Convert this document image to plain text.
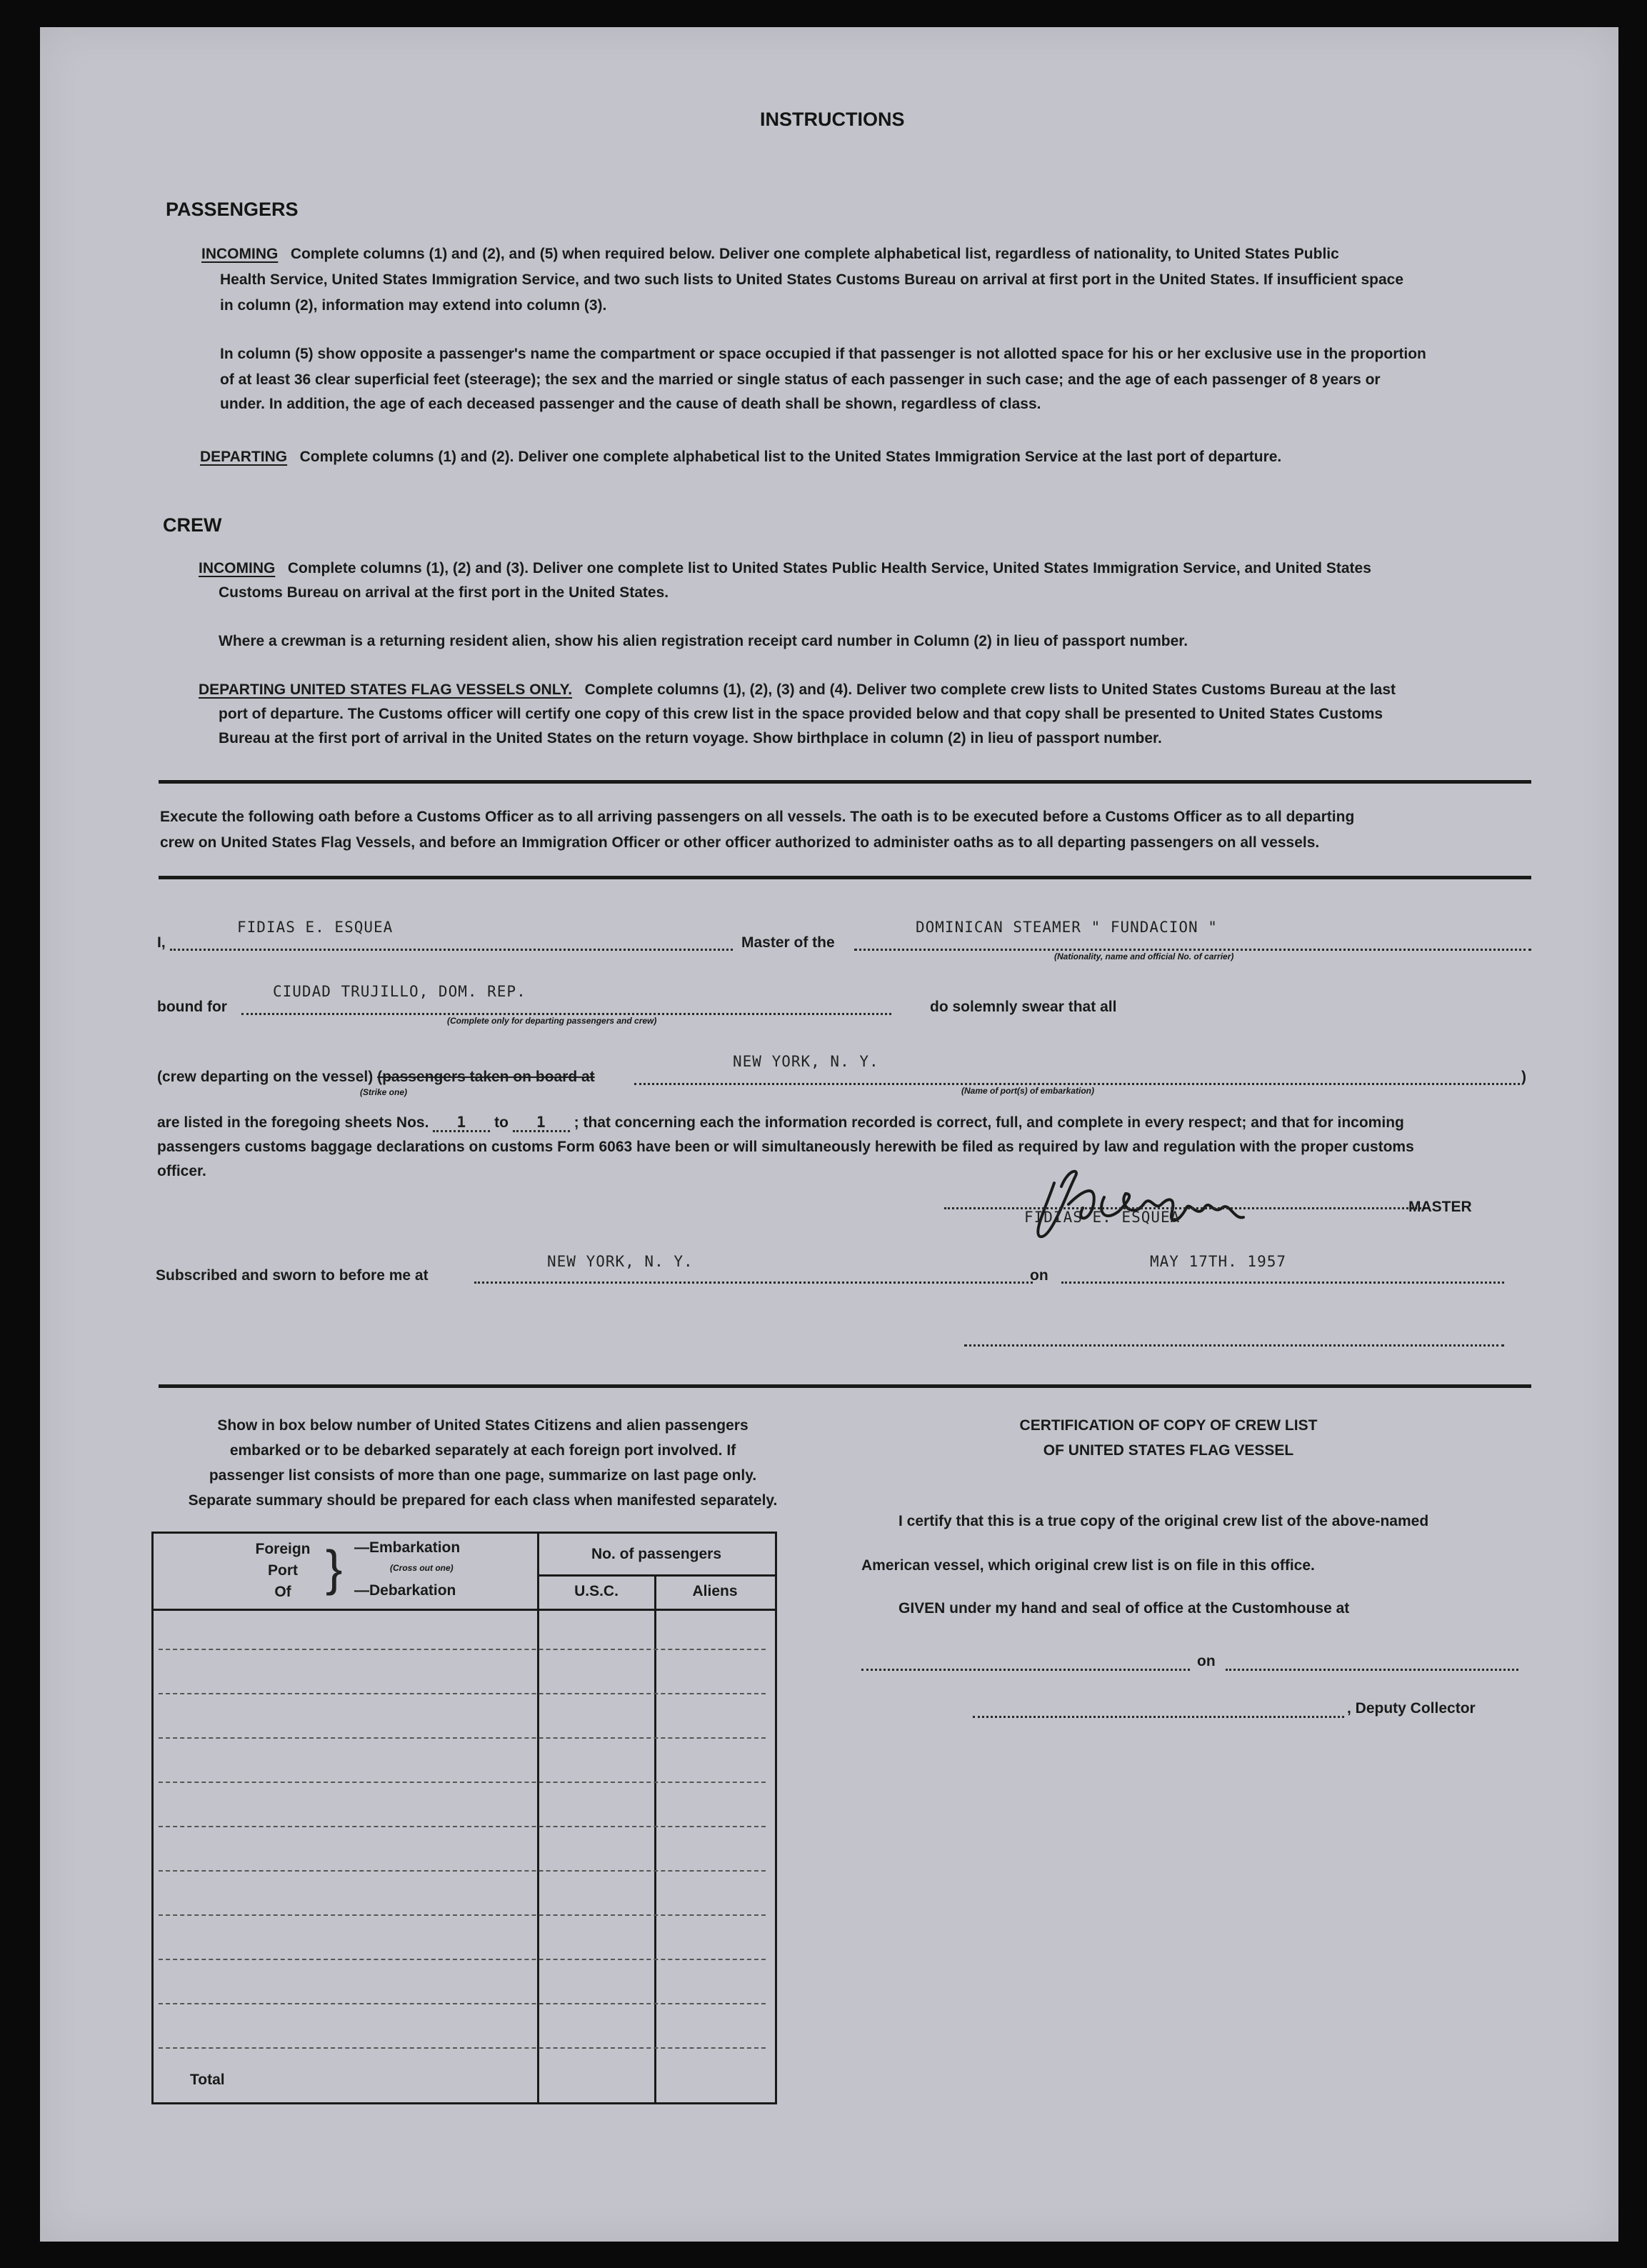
INSTRUCTIONS
PASSENGERS
INCOMING Complete columns (1) and (2), and (5) when required below. Deliver one complete alphabetical list, regardless of nationality, to United States Public
Health Service, United States Immigration Service, and two such lists to United States Customs Bureau on arrival at first port in the United States. If insufficient space
in column (2), information may extend into column (3).
In column (5) show opposite a passenger's name the compartment or space occupied if that passenger is not allotted space for his or her exclusive use in the proportion
of at least 36 clear superficial feet (steerage); the sex and the married or single status of each passenger in such case; and the age of each passenger of 8 years or
under. In addition, the age of each deceased passenger and the cause of death shall be shown, regardless of class.
DEPARTING Complete columns (1) and (2). Deliver one complete alphabetical list to the United States Immigration Service at the last port of departure.
CREW
INCOMING Complete columns (1), (2) and (3). Deliver one complete list to United States Public Health Service, United States Immigration Service, and United States
Customs Bureau on arrival at the first port in the United States.
Where a crewman is a returning resident alien, show his alien registration receipt card number in Column (2) in lieu of passport number.
DEPARTING UNITED STATES FLAG VESSELS ONLY. Complete columns (1), (2), (3) and (4). Deliver two complete crew lists to United States Customs Bureau at the last
port of departure. The Customs officer will certify one copy of this crew list in the space provided below and that copy shall be presented to United States Customs
Bureau at the first port of arrival in the United States on the return voyage. Show birthplace in column (2) in lieu of passport number.
Execute the following oath before a Customs Officer as to all arriving passengers on all vessels. The oath is to be executed before a Customs Officer as to all departing
crew on United States Flag Vessels, and before an Immigration Officer or other officer authorized to administer oaths as to all departing passengers on all vessels.
I,
FIDIAS E. ESQUEA
Master of the
DOMINICAN STEAMER " FUNDACION "
(Nationality, name and official No. of carrier)
bound for
CIUDAD TRUJILLO, DOM. REP.
(Complete only for departing passengers and crew)
do solemnly swear that all
(crew departing on the vessel) (passengers taken on board at
(Strike one)
NEW YORK, N. Y.
(Name of port(s) of embarkation)
)
are listed in the foregoing sheets Nos. 1 to 1 ; that concerning each the information recorded is correct, full, and complete in every respect; and that for incoming
passengers customs baggage declarations on customs Form 6063 have been or will simultaneously herewith be filed as required by law and regulation with the proper customs
officer.
FIDIAS E. ESQUEA
MASTER
Subscribed and sworn to before me at
NEW YORK, N. Y.
on
MAY 17TH. 1957
Show in box below number of United States Citizens and alien passengers
embarked or to be debarked separately at each foreign port involved. If
passenger list consists of more than one page, summarize on last page only.
Separate summary should be prepared for each class when manifested separately.
Foreign
Port
Of } —Embarkation
(Cross out one)
—Debarkation
No. of passengers
U.S.C.	Aliens
Total
CERTIFICATION OF COPY OF CREW LIST
OF UNITED STATES FLAG VESSEL
I certify that this is a true copy of the original crew list of the above-named
American vessel, which original crew list is on file in this office.
GIVEN under my hand and seal of office at the Customhouse at
on
, Deputy Collector
